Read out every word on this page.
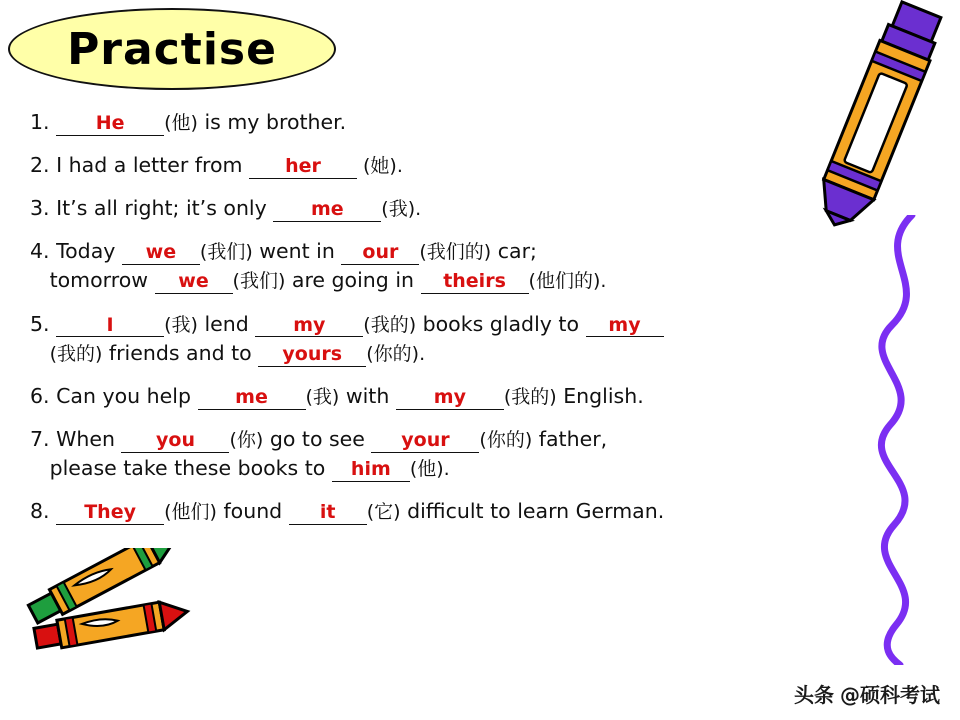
Practise
1. He (他) is my brother.
2. I had a letter from her (她).
3. It’s all right; it’s only me (我).
4. Today we (我们) went in our (我们的) car;
tomorrow we (我们) are going in theirs (他们的).
5.	I	(我) lend my (我的) books gladly to my
(我的) friends and to yours (你的).
6. Can you help me (我) with my (我的) English.
7. When you (你) go to see your (你的) father,
please take these books to him (他).
8. They (他们) found it (它) difficult to learn German.
头条 @硕科考试
